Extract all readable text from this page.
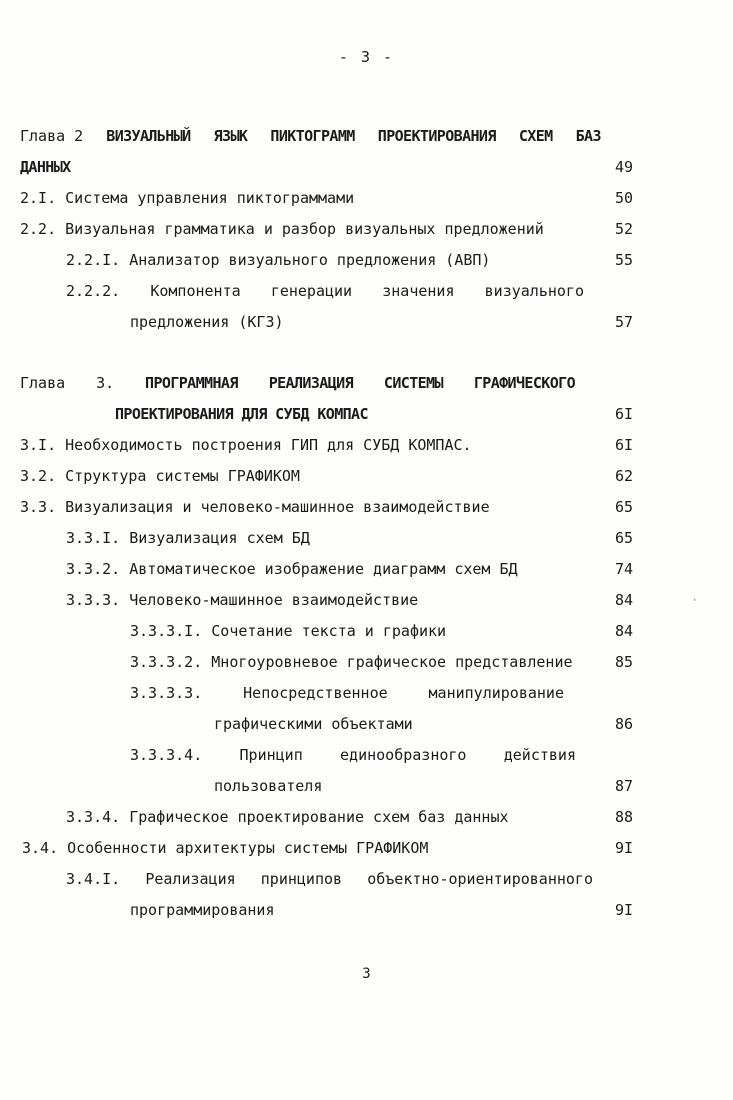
- 3 -
Глава 2 ВИЗУАЛЬНЫЙ ЯЗЫК ПИКТОГРАММ ПРОЕКТИРОВАНИЯ СХЕМ БАЗ
ДАННЫХ	49
2.I. Система управления пиктограммами	50
2.2. Визуальная грамматика и разбор визуальных предложений	52
2.2.I. Анализатор визуального предложения (АВП)	55
2.2.2. Компонента генерации значения визуального
предложения (КГЗ)	57
Глава 3. ПРОГРАММНАЯ РЕАЛИЗАЦИЯ СИСТЕМЫ ГРАФИЧЕСКОГО
ПРОЕКТИРОВАНИЯ ДЛЯ СУБД КОМПАС	6I
3.I. Необходимость построения ГИП для СУБД КОМПАС.	6I
3.2. Структура системы ГРАФИКОМ	62
3.3. Визуализация и человеко-машинное взаимодействие	65
3.3.I. Визуализация схем БД	65
3.3.2. Автоматическое изображение диаграмм схем БД	74
3.3.3. Человеко-машинное взаимодействие	84
3.3.3.I. Сочетание текста и графики	84
3.3.3.2. Многоуровневое графическое представление	85
3.3.3.3.	Непосредственное	манипулирование
графическими объектами	86
3.3.3.4. Принцип единообразного действия
пользователя	87
3.3.4. Графическое проектирование схем баз данных	88
3.4. Особенности архитектуры системы ГРАФИКОМ	9I
3.4.I. Реализация принципов объектно-ориентированного
программирования	9I
3
·
